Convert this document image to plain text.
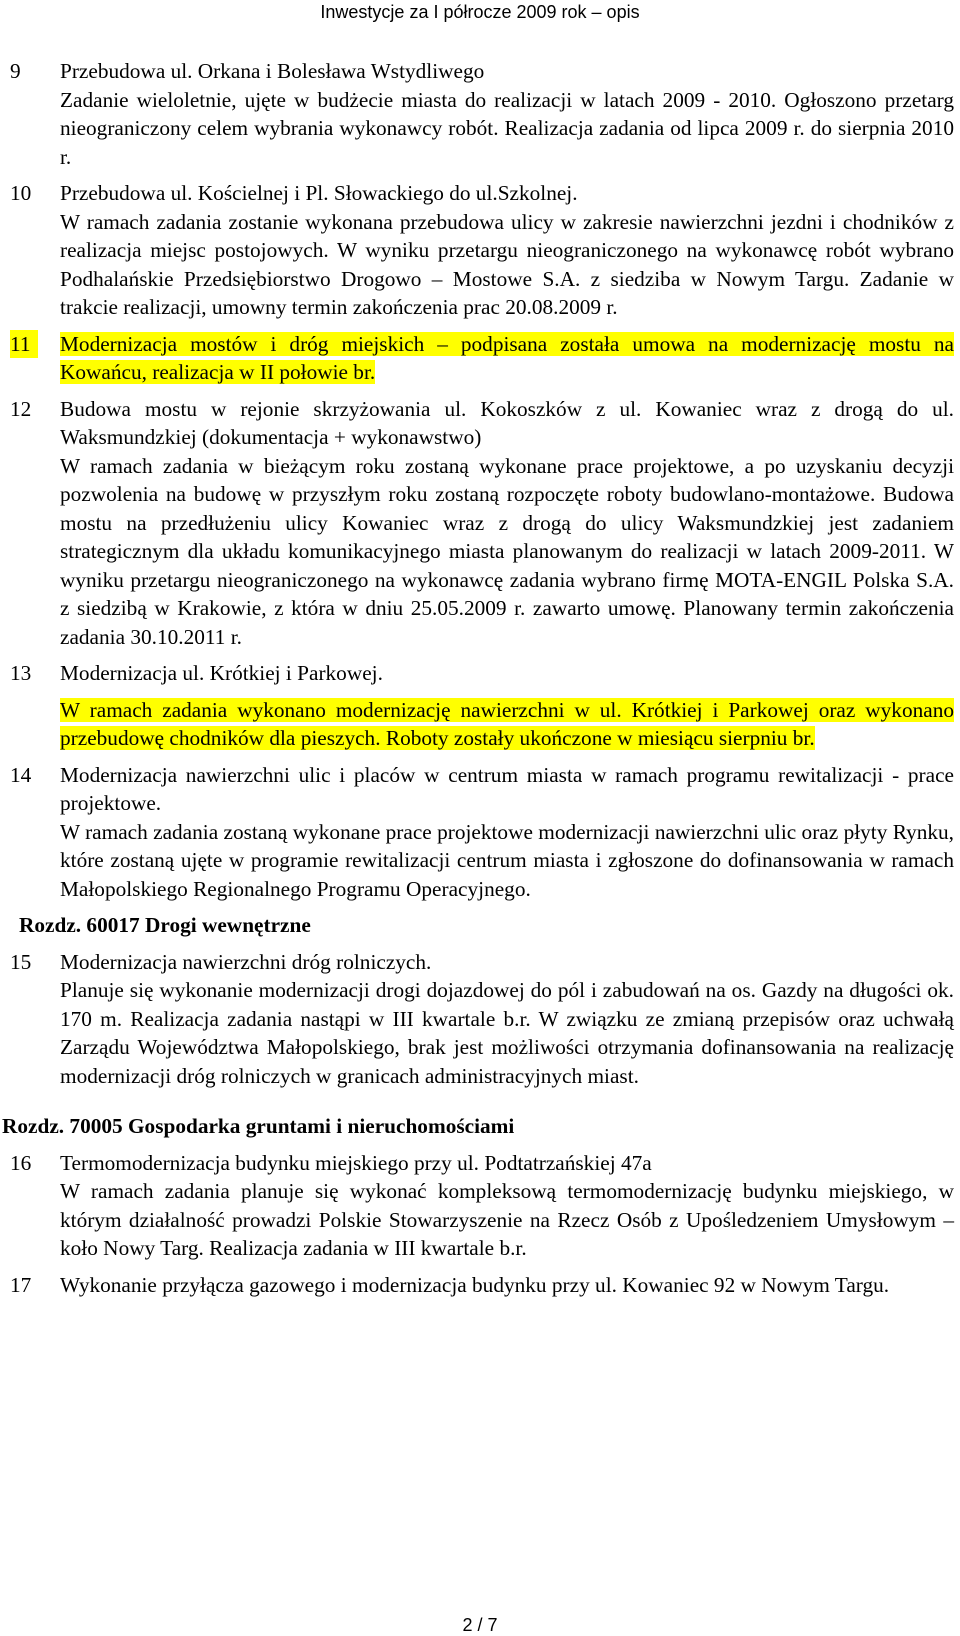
Inwestycje za I półrocze 2009 rok – opis
9	Przebudowa ul. Orkana i Bolesława Wstydliwego

Zadanie wieloletnie, ujęte w budżecie miasta do realizacji w latach 2009 - 2010. Ogłoszono przetarg nieograniczony celem wybrania wykonawcy robót. Realizacja zadania od lipca 2009 r. do sierpnia 2010 r.

10	Przebudowa ul. Kościelnej i Pl. Słowackiego do ul.Szkolnej.

W ramach zadania zostanie wykonana przebudowa ulicy w zakresie nawierzchni jezdni i chodników z realizacja miejsc postojowych. W wyniku przetargu nieograniczonego na wykonawcę robót wybrano Podhalańskie Przedsiębiorstwo Drogowo – Mostowe S.A. z siedziba w Nowym Targu. Zadanie w trakcie realizacji, umowny termin zakończenia prac 20.08.2009 r.

11	Modernizacja mostów i dróg miejskich – podpisana została umowa na modernizację mostu na Kowańcu, realizacja w II połowie br.

12	Budowa mostu w rejonie skrzyżowania ul. Kokoszków z ul. Kowaniec wraz z drogą do ul. Waksmundzkiej (dokumentacja + wykonawstwo)

W ramach zadania w bieżącym roku zostaną wykonane prace projektowe, a po uzyskaniu decyzji pozwolenia na budowę w przyszłym roku zostaną rozpoczęte roboty budowlano-montażowe. Budowa mostu na przedłużeniu ulicy Kowaniec wraz z drogą do ulicy Waksmundzkiej jest zadaniem strategicznym dla układu komunikacyjnego miasta planowanym do realizacji w latach 2009-2011. W wyniku przetargu nieograniczonego na wykonawcę zadania wybrano firmę MOTA-ENGIL Polska S.A. z siedzibą w Krakowie, z która w dniu 25.05.2009 r. zawarto umowę. Planowany termin zakończenia zadania 30.10.2011 r.

13	Modernizacja ul. Krótkiej i Parkowej.

W ramach zadania wykonano modernizację nawierzchni w ul. Krótkiej i Parkowej oraz wykonano przebudowę chodników dla pieszych. Roboty zostały ukończone w miesiącu sierpniu br.

14	Modernizacja nawierzchni ulic i placów w centrum miasta w ramach programu rewitalizacji - prace projektowe.

W ramach zadania zostaną wykonane prace projektowe modernizacji nawierzchni ulic oraz płyty Rynku, które zostaną ujęte w programie rewitalizacji centrum miasta i zgłoszone do dofinansowania w ramach Małopolskiego Regionalnego Programu Operacyjnego.

Rozdz. 60017 Drogi wewnętrzne

15	Modernizacja nawierzchni dróg rolniczych.

Planuje się wykonanie modernizacji drogi dojazdowej do pól i zabudowań na os. Gazdy na długości ok. 170 m. Realizacja zadania nastąpi w III kwartale b.r. W związku ze zmianą przepisów oraz uchwałą Zarządu Województwa Małopolskiego, brak jest możliwości otrzymania dofinansowania na realizację modernizacji dróg rolniczych w granicach administracyjnych miast.

Rozdz. 70005 Gospodarka gruntami i nieruchomościami

16	Termomodernizacja budynku miejskiego przy ul. Podtatrzańskiej 47a

W ramach zadania planuje się wykonać kompleksową termomodernizację budynku miejskiego, w którym działalność prowadzi Polskie Stowarzyszenie na Rzecz Osób z Upośledzeniem Umysłowym – koło Nowy Targ. Realizacja zadania w III kwartale b.r.

17	Wykonanie przyłącza gazowego i modernizacja budynku przy ul. Kowaniec 92 w Nowym Targu.

2 / 7
